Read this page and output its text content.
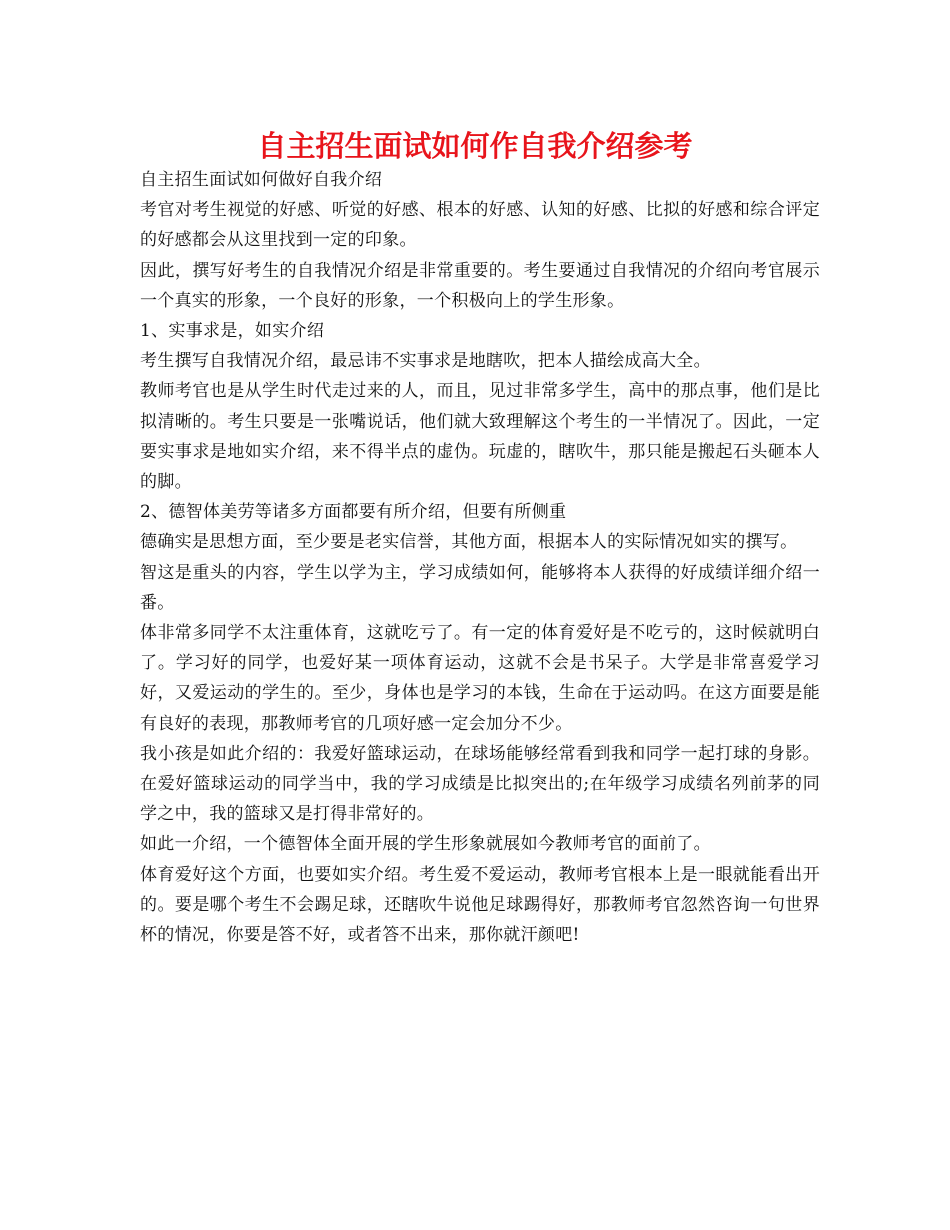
自主招生面试如何作自我介绍参考

自主招生面试如何做好自我介绍

考官对考生视觉的好感、听觉的好感、根本的好感、认知的好感、比拟的好感和综合评定的好感都会从这里找到一定的印象。

因此，撰写好考生的自我情况介绍是非常重要的。考生要通过自我情况的介绍向考官展示一个真实的形象，一个良好的形象，一个积极向上的学生形象。

1、实事求是，如实介绍

考生撰写自我情况介绍，最忌讳不实事求是地瞎吹，把本人描绘成高大全。

教师考官也是从学生时代走过来的人，而且，见过非常多学生，高中的那点事，他们是比拟清晰的。考生只要是一张嘴说话，他们就大致理解这个考生的一半情况了。因此，一定要实事求是地如实介绍，来不得半点的虚伪。玩虚的，瞎吹牛，那只能是搬起石头砸本人的脚。

2、德智体美劳等诸多方面都要有所介绍，但要有所侧重

德确实是思想方面，至少要是老实信誉，其他方面，根据本人的实际情况如实的撰写。

智这是重头的内容，学生以学为主，学习成绩如何，能够将本人获得的好成绩详细介绍一番。

体非常多同学不太注重体育，这就吃亏了。有一定的体育爱好是不吃亏的，这时候就明白了。学习好的同学，也爱好某一项体育运动，这就不会是书呆子。大学是非常喜爱学习好，又爱运动的学生的。至少，身体也是学习的本钱，生命在于运动吗。在这方面要是能有良好的表现，那教师考官的几项好感一定会加分不少。

我小孩是如此介绍的：我爱好篮球运动，在球场能够经常看到我和同学一起打球的身影。在爱好篮球运动的同学当中，我的学习成绩是比拟突出的;在年级学习成绩名列前茅的同学之中，我的篮球又是打得非常好的。

如此一介绍，一个德智体全面开展的学生形象就展如今教师考官的面前了。

体育爱好这个方面，也要如实介绍。考生爱不爱运动，教师考官根本上是一眼就能看出开的。要是哪个考生不会踢足球，还瞎吹牛说他足球踢得好，那教师考官忽然咨询一句世界杯的情况，你要是答不好，或者答不出来，那你就汗颜吧!
